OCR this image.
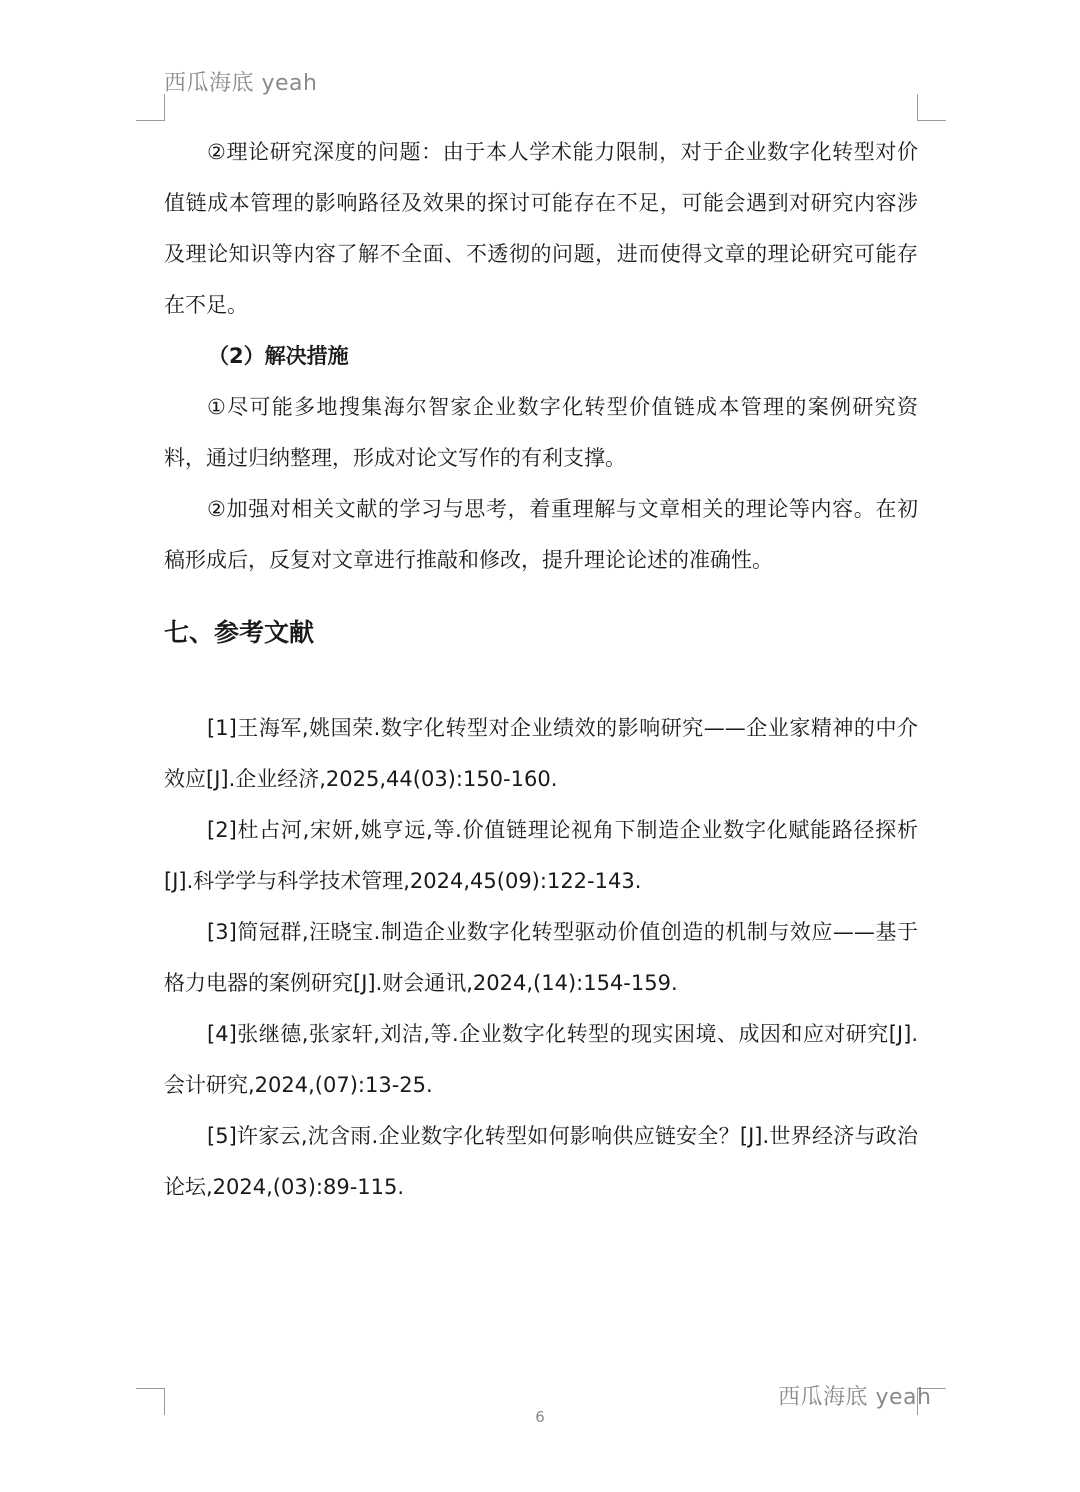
西瓜海底 yeah

②理论研究深度的问题：由于本人学术能力限制，对于企业数字化转型对价值链成本管理的影响路径及效果的探讨可能存在不足，可能会遇到对研究内容涉及理论知识等内容了解不全面、不透彻的问题，进而使得文章的理论研究可能存在不足。

（2）解决措施

①尽可能多地搜集海尔智家企业数字化转型价值链成本管理的案例研究资料，通过归纳整理，形成对论文写作的有利支撑。

②加强对相关文献的学习与思考，着重理解与文章相关的理论等内容。在初稿形成后，反复对文章进行推敲和修改，提升理论论述的准确性。

七、参考文献

[1]王海军,姚国荣.数字化转型对企业绩效的影响研究——企业家精神的中介效应[J].企业经济,2025,44(03):150-160.

[2]杜占河,宋妍,姚亨远,等.价值链理论视角下制造企业数字化赋能路径探析[J].科学学与科学技术管理,2024,45(09):122-143.

[3]简冠群,汪晓宝.制造企业数字化转型驱动价值创造的机制与效应——基于格力电器的案例研究[J].财会通讯,2024,(14):154-159.

[4]张继德,张家轩,刘洁,等.企业数字化转型的现实困境、成因和应对研究[J].会计研究,2024,(07):13-25.

[5]许家云,沈含雨.企业数字化转型如何影响供应链安全？[J].世界经济与政治论坛,2024,(03):89-115.

西瓜海底 yeah
6
